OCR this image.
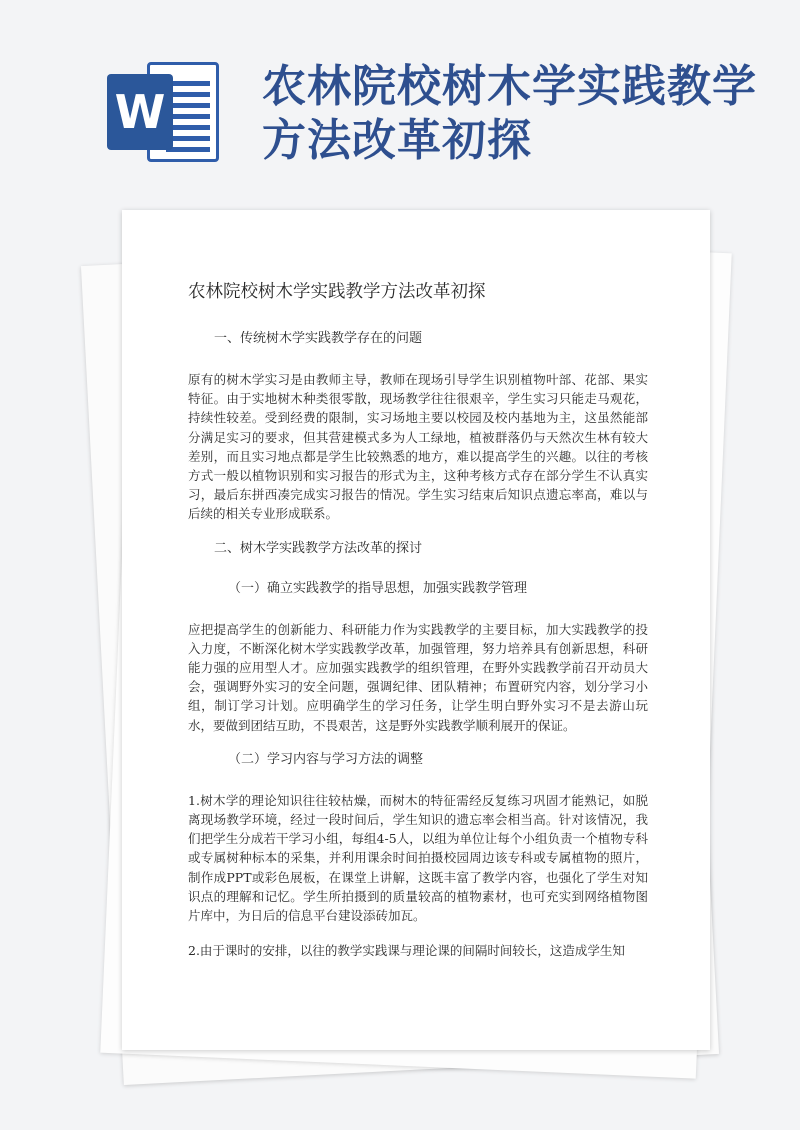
W 农林院校树木学实践教学方法改革初探
农林院校树木学实践教学方法改革初探

一、传统树木学实践教学存在的问题

原有的树木学实习是由教师主导，教师在现场引导学生识别植物叶部、花部、果实特征。由于实地树木种类很零散，现场教学往往很艰辛，学生实习只能走马观花，持续性较差。受到经费的限制，实习场地主要以校园及校内基地为主，这虽然能部分满足实习的要求，但其营建模式多为人工绿地，植被群落仍与天然次生林有较大差别，而且实习地点都是学生比较熟悉的地方，难以提高学生的兴趣。以往的考核方式一般以植物识别和实习报告的形式为主，这种考核方式存在部分学生不认真实习，最后东拼西凑完成实习报告的情况。学生实习结束后知识点遗忘率高，难以与后续的相关专业形成联系。

二、树木学实践教学方法改革的探讨

（一）确立实践教学的指导思想，加强实践教学管理

应把提高学生的创新能力、科研能力作为实践教学的主要目标，加大实践教学的投入力度，不断深化树木学实践教学改革，加强管理，努力培养具有创新思想，科研能力强的应用型人才。应加强实践教学的组织管理，在野外实践教学前召开动员大会，强调野外实习的安全问题，强调纪律、团队精神；布置研究内容，划分学习小组，制订学习计划。应明确学生的学习任务，让学生明白野外实习不是去游山玩水，要做到团结互助，不畏艰苦，这是野外实践教学顺利展开的保证。

（二）学习内容与学习方法的调整

1.树木学的理论知识往往较枯燥，而树木的特征需经反复练习巩固才能熟记，如脱离现场教学环境，经过一段时间后，学生知识的遗忘率会相当高。针对该情况，我们把学生分成若干学习小组，每组4-5人，以组为单位让每个小组负责一个植物专科或专属树种标本的采集，并利用课余时间拍摄校园周边该专科或专属植物的照片，制作成PPT或彩色展板，在课堂上讲解，这既丰富了教学内容，也强化了学生对知识点的理解和记忆。学生所拍摄到的质量较高的植物素材，也可充实到网络植物图片库中，为日后的信息平台建设添砖加瓦。

2.由于课时的安排，以往的教学实践课与理论课的间隔时间较长，这造成学生知
